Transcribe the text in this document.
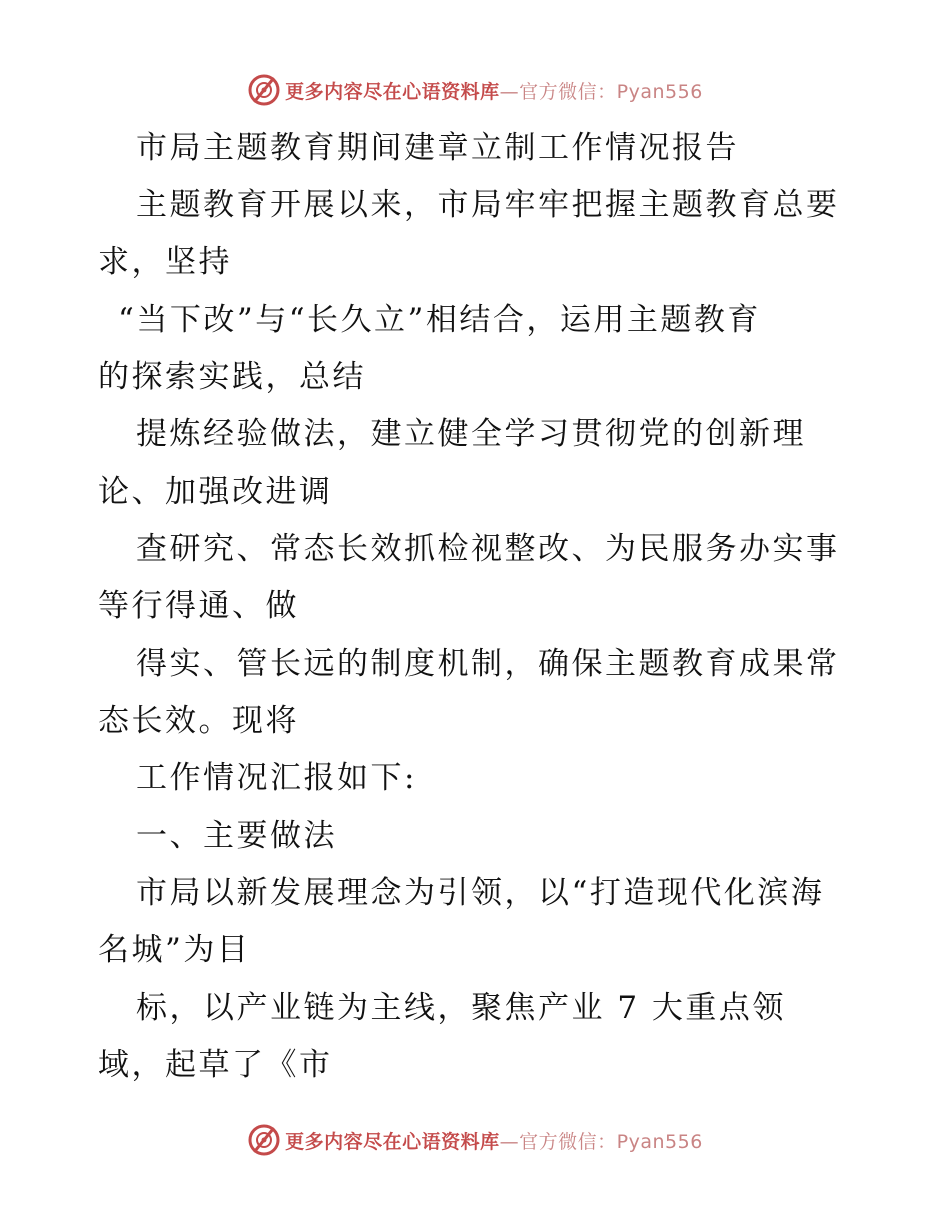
更多内容尽在心语资料库—官方微信：Pyan556
市局主题教育期间建章立制工作情况报告
主题教育开展以来，市局牢牢把握主题教育总要
求，坚持
“当下改”与“长久立”相结合，运用主题教育
的探索实践，总结
提炼经验做法，建立健全学习贯彻党的创新理
论、加强改进调
查研究、常态长效抓检视整改、为民服务办实事
等行得通、做
得实、管长远的制度机制，确保主题教育成果常
态长效。现将
工作情况汇报如下:
一、主要做法
市局以新发展理念为引领，以“打造现代化滨海
名城”为目
标，以产业链为主线，聚焦产业 7 大重点领
域，起草了《市
更多内容尽在心语资料库—官方微信：Pyan556
